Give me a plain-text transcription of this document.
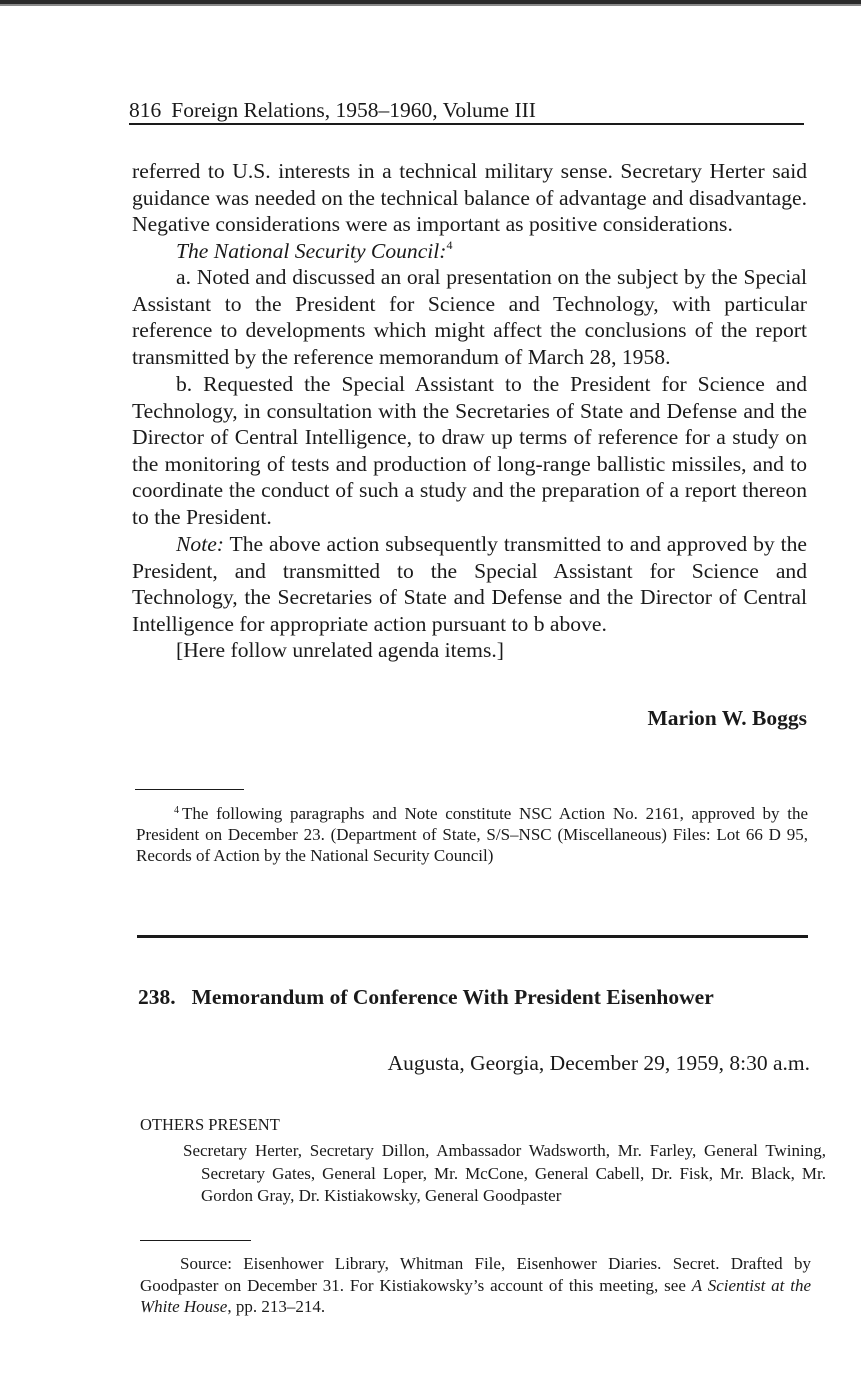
816 Foreign Relations, 1958–1960, Volume III

referred to U.S. interests in a technical military sense. Secretary Herter said guidance was needed on the technical balance of advantage and disadvantage. Negative considerations were as important as positive considerations.

The National Security Council:$^4$

a. Noted and discussed an oral presentation on the subject by the Special Assistant to the President for Science and Technology, with particular reference to developments which might affect the conclusions of the report transmitted by the reference memorandum of March 28, 1958.

b. Requested the Special Assistant to the President for Science and Technology, in consultation with the Secretaries of State and Defense and the Director of Central Intelligence, to draw up terms of reference for a study on the monitoring of tests and production of long-range ballistic missiles, and to coordinate the conduct of such a study and the preparation of a report thereon to the President.

Note: The above action subsequently transmitted to and approved by the President, and transmitted to the Special Assistant for Science and Technology, the Secretaries of State and Defense and the Director of Central Intelligence for appropriate action pursuant to b above.

[Here follow unrelated agenda items.]

Marion W. Boggs

$^4$ The following paragraphs and Note constitute NSC Action No. 2161, approved by the President on December 23. (Department of State, S/S–NSC (Miscellaneous) Files: Lot 66 D 95, Records of Action by the National Security Council)

238. Memorandum of Conference With President Eisenhower
Augusta, Georgia, December 29, 1959, 8:30 a.m.
OTHERS PRESENT
Secretary Herter, Secretary Dillon, Ambassador Wadsworth, Mr. Farley, General Twining, Secretary Gates, General Loper, Mr. McCone, General Cabell, Dr. Fisk, Mr. Black, Mr. Gordon Gray, Dr. Kistiakowsky, General Goodpaster

Source: Eisenhower Library, Whitman File, Eisenhower Diaries. Secret. Drafted by Goodpaster on December 31. For Kistiakowsky’s account of this meeting, see A Scientist at the White House, pp. 213–214.
